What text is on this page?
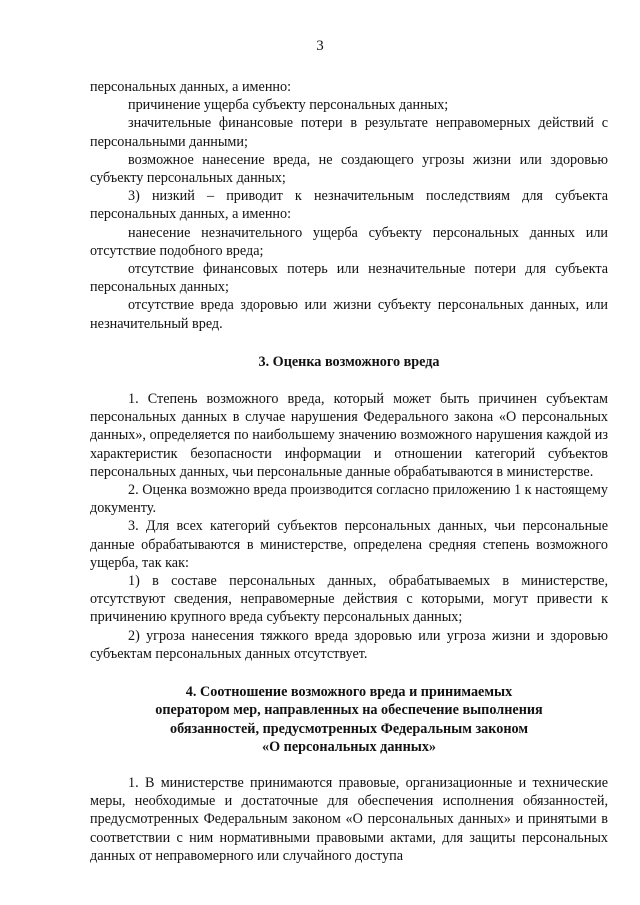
3

персональных данных, а именно:

причинение ущерба субъекту персональных данных;

значительные финансовые потери в результате неправомерных действий с персональными данными;

возможное нанесение вреда, не создающего угрозы жизни или здоровью субъекту персональных данных;

3) низкий – приводит к незначительным последствиям для субъекта персональных данных, а именно:

нанесение незначительного ущерба субъекту персональных данных или отсутствие подобного вреда;

отсутствие финансовых потерь или незначительные потери для субъекта персональных данных;

отсутствие вреда здоровью или жизни субъекту персональных данных, или незначительный вред.

3. Оценка возможного вреда

1. Степень возможного вреда, который может быть причинен субъектам персональных данных в случае нарушения Федерального закона «О персональных данных», определяется по наибольшему значению возможного нарушения каждой из характеристик безопасности информации и отношении категорий субъектов персональных данных, чьи персональные данные обрабатываются в министерстве.

2. Оценка возможно вреда производится согласно приложению 1 к настоящему документу.

3. Для всех категорий субъектов персональных данных, чьи персональные данные обрабатываются в министерстве, определена средняя степень возможного ущерба, так как:

1) в составе персональных данных, обрабатываемых в министерстве, отсутствуют сведения, неправомерные действия с которыми, могут привести к причинению крупного вреда субъекту персональных данных;

2) угроза нанесения тяжкого вреда здоровью или угроза жизни и здоровью субъектам персональных данных отсутствует.

4. Соотношение возможного вреда и принимаемых
оператором мер, направленных на обеспечение выполнения
обязанностей, предусмотренных Федеральным законом
«О персональных данных»

1. В министерстве принимаются правовые, организационные и технические меры, необходимые и достаточные для обеспечения исполнения обязанностей, предусмотренных Федеральным законом «О персональных данных» и принятыми в соответствии с ним нормативными правовыми актами, для защиты персональных данных от неправомерного или случайного доступа
